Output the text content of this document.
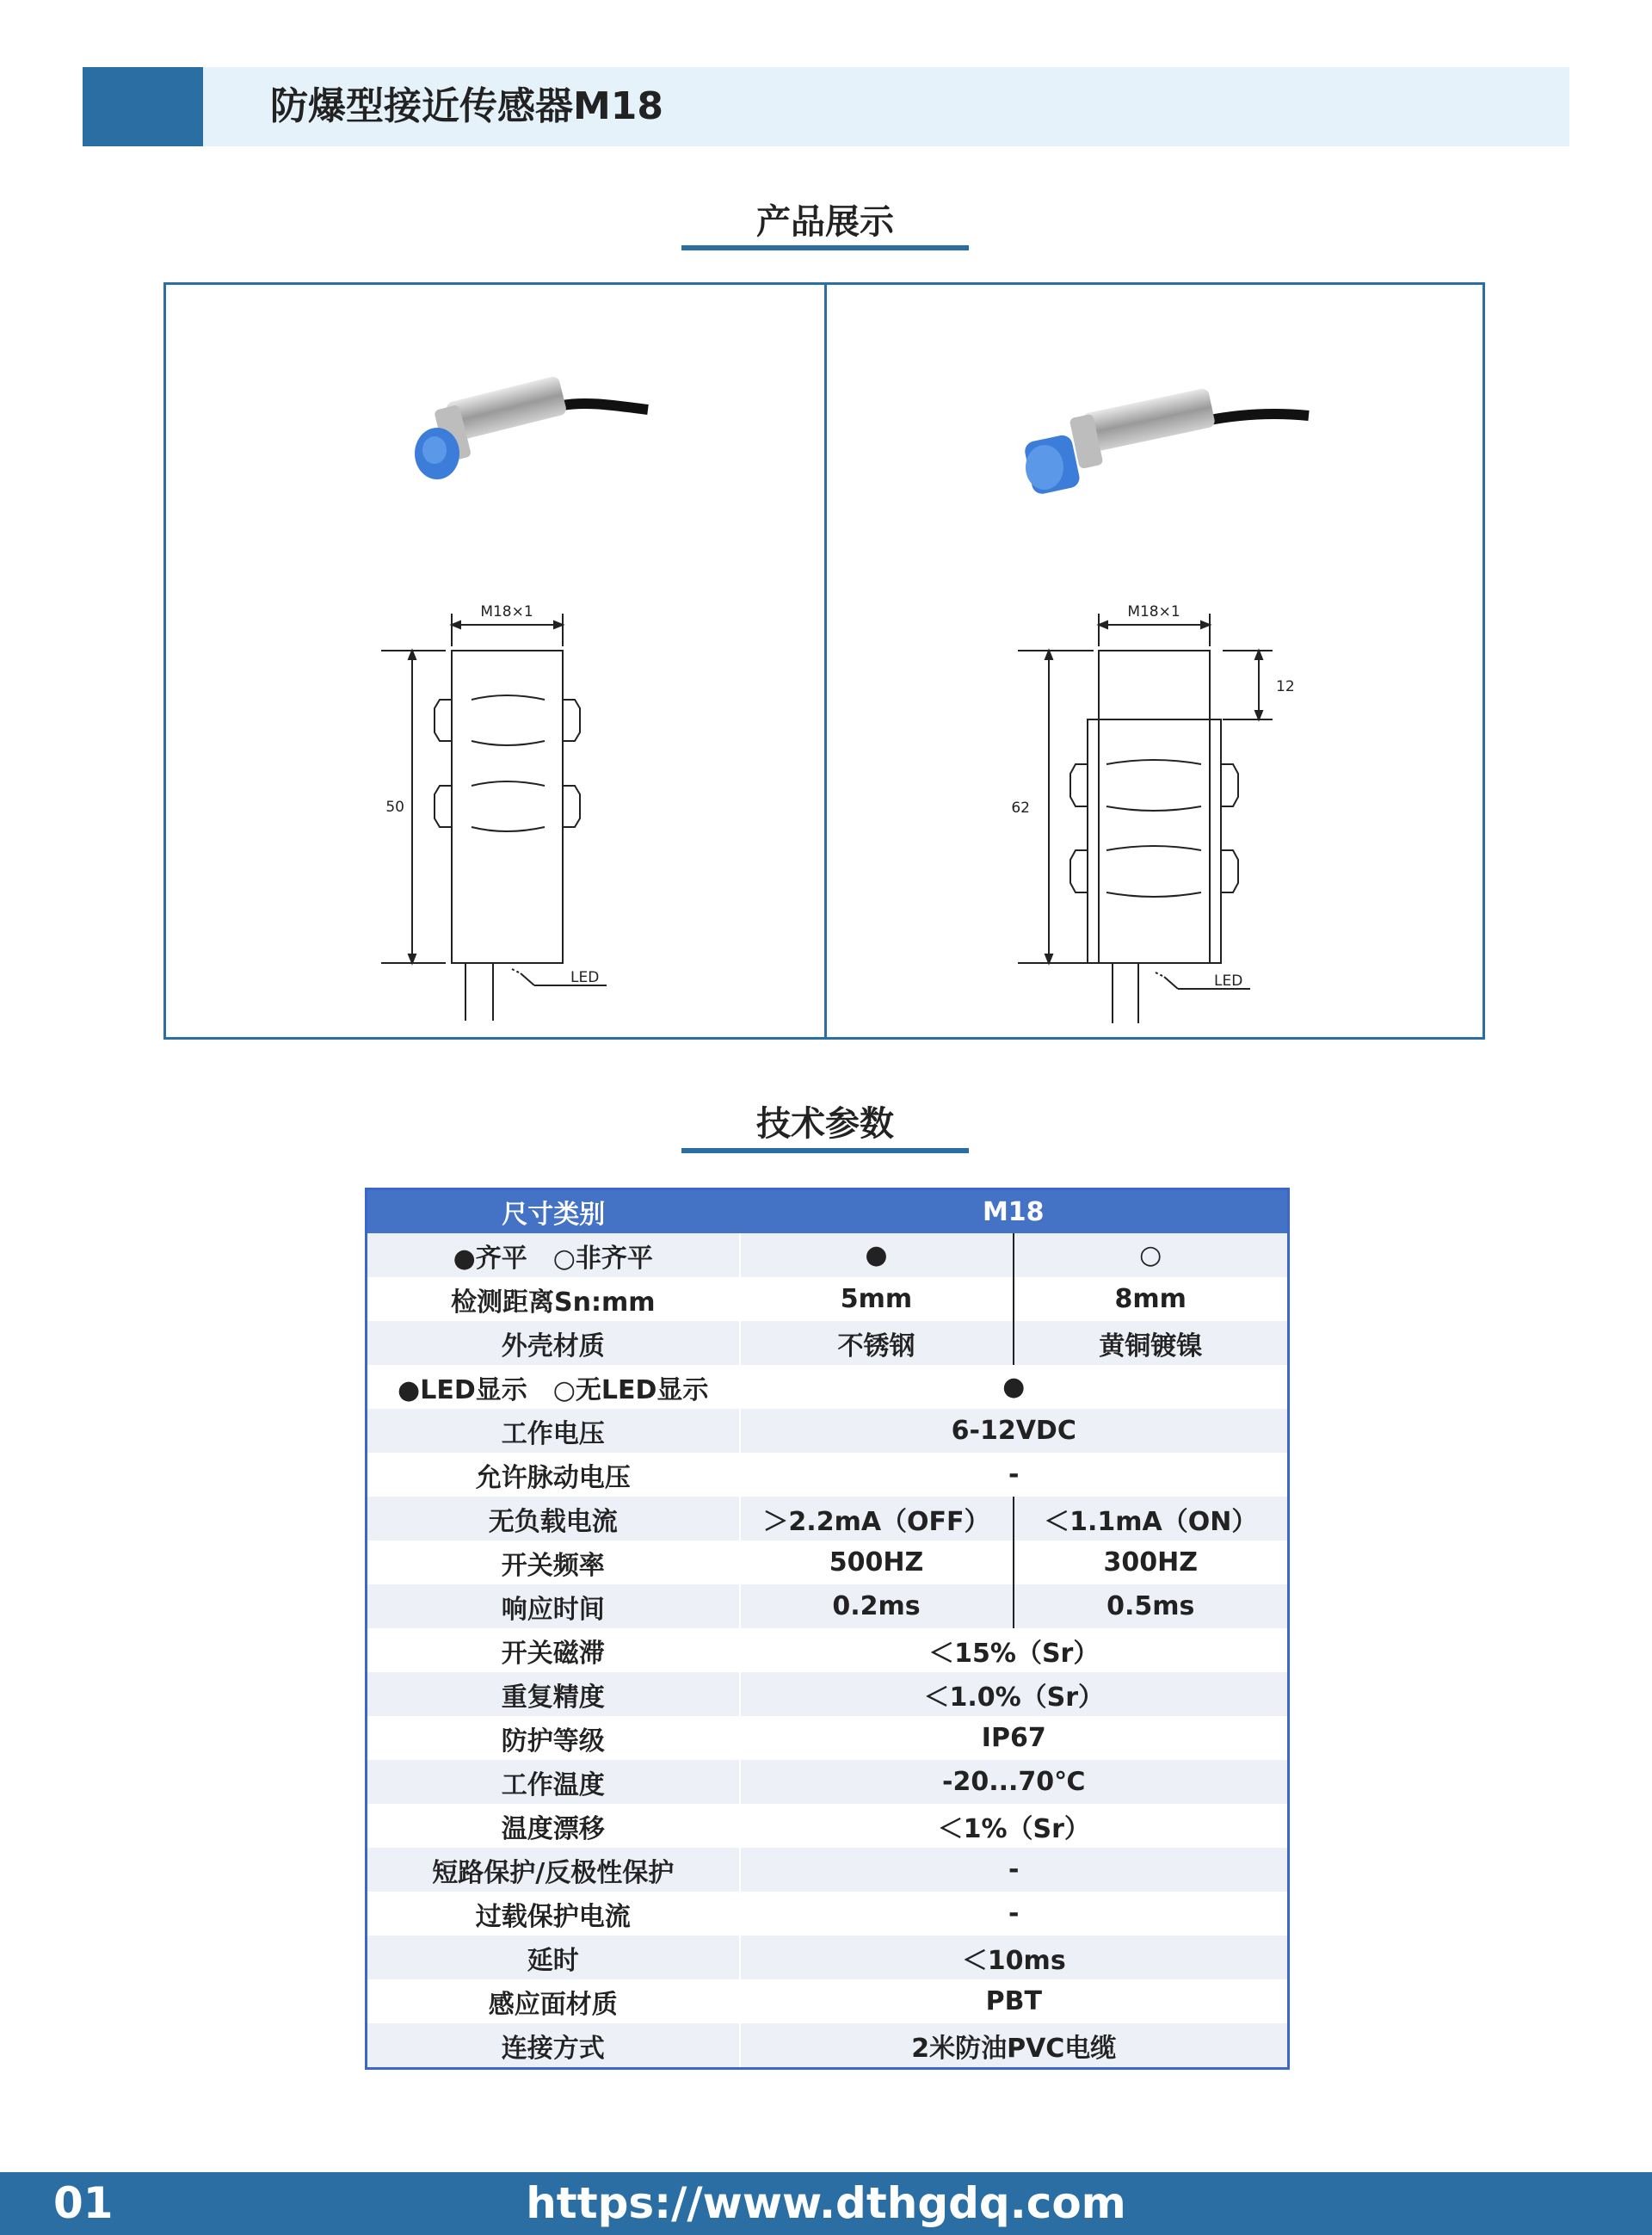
防爆型接近传感器M18
产品展示
M18×1
50
LED
M18×1
62
12
LED
技术参数
尺寸类别	M18	
●齐平　○非齐平	●	○
检测距离Sn:mm	5mm	8mm
外壳材质	不锈钢	黄铜镀镍
●LED显示　○无LED显示	●	
工作电压	6-12VDC	
允许脉动电压	-	
无负载电流	＞2.2mA（OFF）	＜1.1mA（ON）
开关频率	500HZ	300HZ
响应时间	0.2ms	0.5ms
开关磁滞	＜15%（Sr）	
重复精度	＜1.0%（Sr）	
防护等级	IP67	
工作温度	-20...70℃	
温度漂移	＜1%（Sr）	
短路保护/反极性保护	-	
过载保护电流	-	
延时	＜10ms	
感应面材质	PBT	
连接方式	2米防油PVC电缆	
https://www.dthgdq.com
01
